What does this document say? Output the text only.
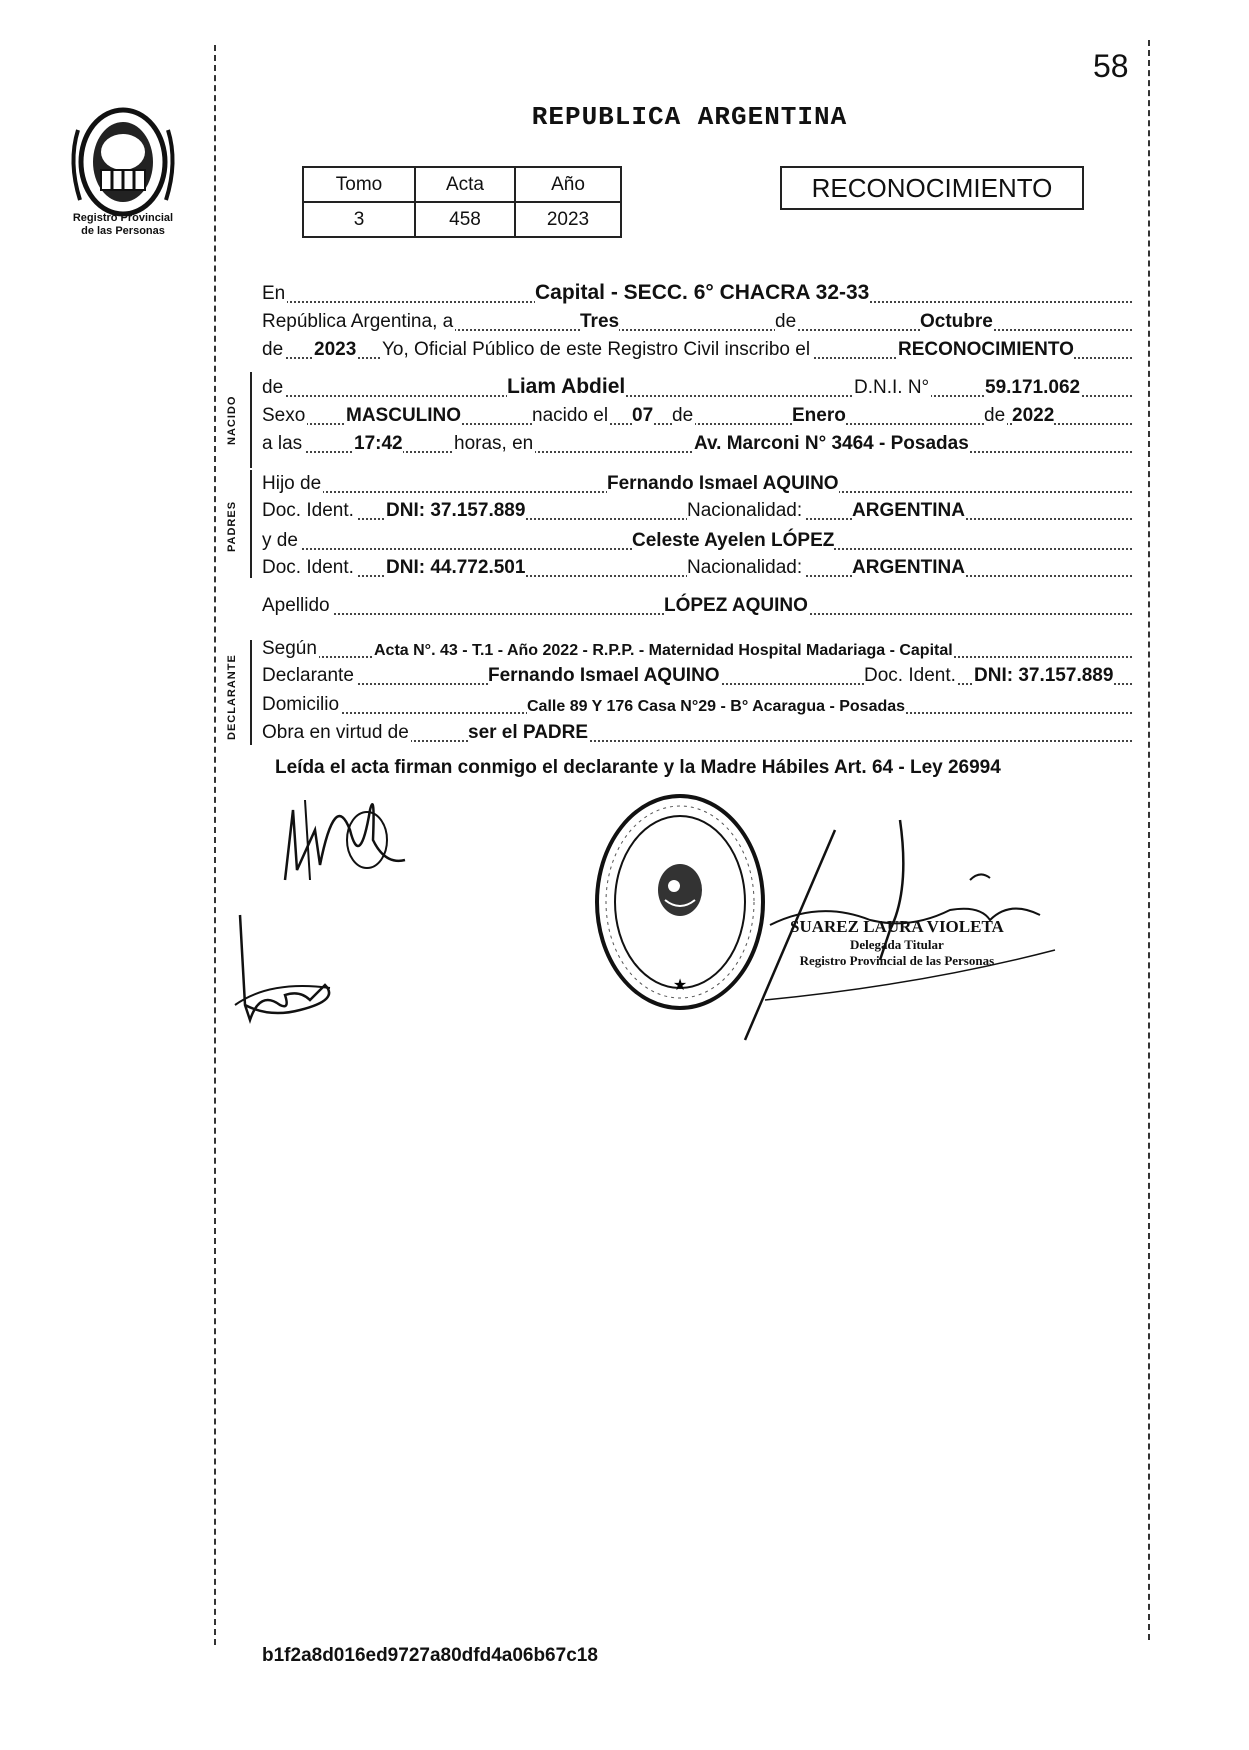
58
Registro Provincial
de las Personas
REPUBLICA ARGENTINA
Tomo	Acta	Año
3	458	2023
RECONOCIMIENTO
NACIDO
PADRES
DECLARANTE
En	Capital - SECC. 6° CHACRA 32-33
República Argentina, a	Tres	de	Octubre
de 2023 Yo, Oficial Público de este Registro Civil inscribo el	RECONOCIMIENTO
de	Liam Abdiel	D.N.I. N°	59.171.062
Sexo MASCULINO	nacido el 07 de	Enero	de 2022
a las	17:42	horas, en	Av. Marconi N° 3464 - Posadas
Hijo de	Fernando Ismael AQUINO
Doc. Ident. DNI: 37.157.889	Nacionalidad:	ARGENTINA
y de	Celeste Ayelen LÓPEZ
Doc. Ident. DNI: 44.772.501	Nacionalidad:	ARGENTINA
Apellido	LÓPEZ AQUINO
Según	Acta N°. 43 - T.1 - Año 2022 - R.P.P. - Maternidad Hospital Madariaga - Capital
Declarante	Fernando Ismael AQUINO	Doc. Ident. DNI: 37.157.889
Domicilio	Calle 89 Y 176 Casa N°29 - B° Acaragua - Posadas
Obra en virtud de	ser el PADRE
Leída el acta firman conmigo el declarante y la Madre Hábiles Art. 64 - Ley 26994
★
SUAREZ LAURA VIOLETA
Delegada Titular
Registro Provincial de las Personas
b1f2a8d016ed9727a80dfd4a06b67c18
